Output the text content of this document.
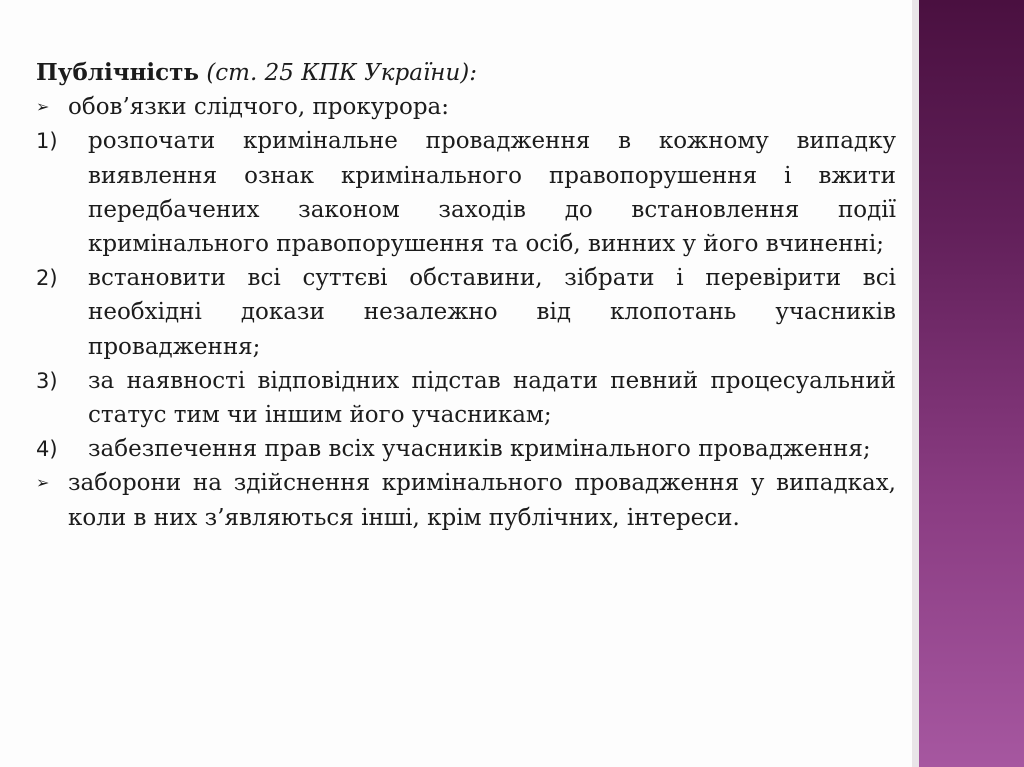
Публічність (ст. 25 КПК України):

➢ обов’язки слідчого, прокурора:
1)	розпочати кримінальне провадження в кожному випадку виявлення ознак кримінального правопорушення і вжити передбачених законом заходів до встановлення події кримінального правопорушення та осіб, винних у його вчиненні;
2)	встановити всі суттєві обставини, зібрати і перевірити всі необхідні докази незалежно від клопотань учасників провадження;
3)	за наявності відповідних підстав надати певний процесуальний статус тим чи іншим його учасникам;
4)	забезпечення прав всіх учасників кримінального провадження;
➢ заборони на здійснення кримінального провадження у випадках, коли в них з’являються інші, крім публічних, інтереси.
